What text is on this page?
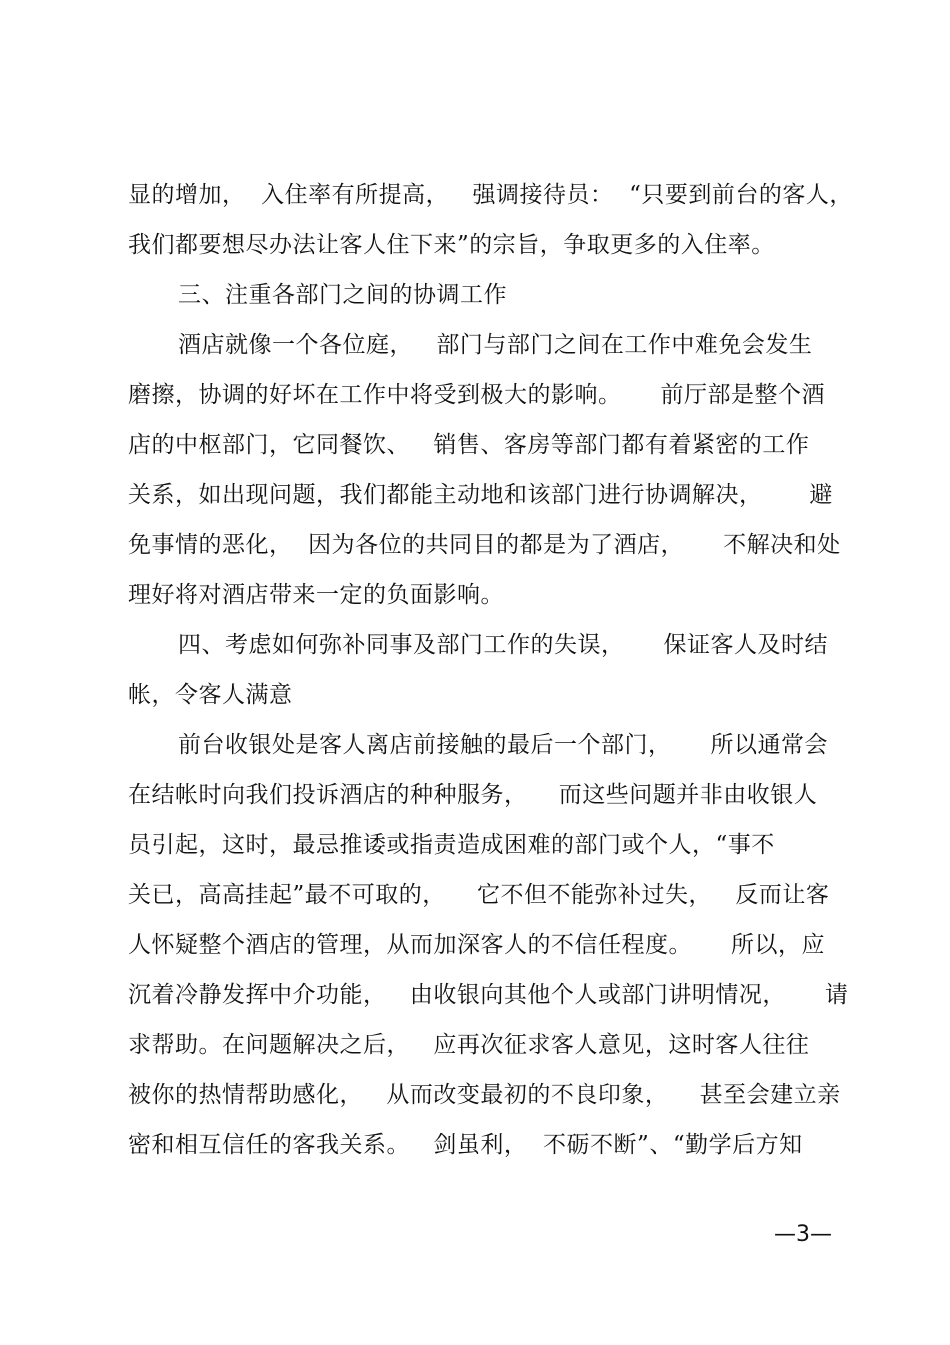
显的增加，  入住率有所提高，   强调接待员：  “只要到前台的客人，
我们都要想尽办法让客人住下来”的宗旨，争取更多的入住率。
三、注重各部门之间的协调工作
酒店就像一个各位庭，   部门与部门之间在工作中难免会发生
磨擦，协调的好坏在工作中将受到极大的影响。     前厅部是整个酒
店的中枢部门，它同餐饮、   销售、客房等部门都有着紧密的工作
关系，如出现问题，我们都能主动地和该部门进行协调解决，      避
免事情的恶化，  因为各位的共同目的都是为了酒店，     不解决和处
理好将对酒店带来一定的负面影响。
四、考虑如何弥补同事及部门工作的失误，     保证客人及时结
帐，令客人满意
前台收银处是客人离店前接触的最后一个部门，     所以通常会
在结帐时向我们投诉酒店的种种服务，    而这些问题并非由收银人
员引起，这时，最忌推诿或指责造成困难的部门或个人，“事不
关已，高高挂起”最不可取的，    它不但不能弥补过失，   反而让客
人怀疑整个酒店的管理，从而加深客人的不信任程度。     所以，应
沉着冷静发挥中介功能，   由收银向其他个人或部门讲明情况，     请
求帮助。在问题解决之后，   应再次征求客人意见，这时客人往往
被你的热情帮助感化，   从而改变最初的不良印象，    甚至会建立亲
密和相互信任的客我关系。   剑虽利，  不砺不断”、“勤学后方知
—3—
